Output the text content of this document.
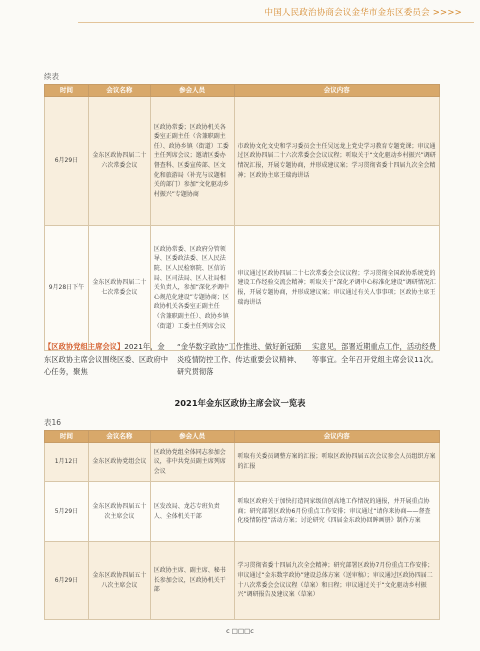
中国人民政治协商会议金华市金东区委员会 >>>>
续表
时间	会议名称	参会人员	会议内容
6月29日	金东区政协四届二十六次常委会议	区政协常委；区政协机关各委室正副主任（含兼职副主任）、政协乡镇（街道）工委主任列席会议；邀请区委办督查科、区委宣传部、区文化和旅游局（补充与议题相关的部门）参加“文化驱动乡村振兴”专题协商	市政协文化文史和学习委员会主任吴远龙上党史学习教育专题党课；审议通过区政协四届二十六次常委会会议议程；听取关于“文化驱动乡村振兴”调研情况汇报，开展专题协商，并形成建议案；学习贯彻省委十四届九次全会精神；区政协主席王瑞海讲话
9月28日下午	金东区政协四届二十七次常委会议	区政协常委、区政府分管领导、区委政法委、区人民法院、区人民检察院、区信访局、区司法局、区人社局相关负责人，参加“深化矛调中心规范化建设”专题协商；区政协机关各委室正副主任（含兼职副主任）、政协乡镇（街道）工委主任列席会议	审议通过区政协四届二十七次常委会会议议程；学习贯彻全国政协系统党的建设工作经验交流会精神；听取关于“深化矛调中心标准化建设”调研情况汇报，开展专题协商，并形成建议案；审议通过有关人事事项；区政协主席王瑞海讲话
【区政协党组主席会议】2021年，金东区政协主席会议围绕区委、区政府中心任务，聚焦
“金华数字政协”工作推进、做好新冠肺炎疫情防控工作、传达重要会议精神、研究贯彻落
实意见，部署近期重点工作，活动经费等事宜。全年召开党组主席会议11次。
2021年金东区政协主席会议一览表
表16
时间	会议名称	参会人员	会议内容
1月12日	金东区政协党组会议	区政协党组全体同志参加会议，非中共党员副主席列席会议	听取有关委员调整方案的汇报；听取区政协四届五次会议参会人员组织方案的汇报
5月29日	金东区政协四届五十次主席会议	区发改局、龙芯专班负责人、全体机关干部	听取区政府关于加快打造同家级信创高地工作情况的通报，并开展重点协商；研究部署区政协6月份重点工作安排；审议通过“请你来协商——督查化疫情防控”活动方案；讨论研究《四届金东政协回眸画册》制作方案
6月29日	金东区政协四届五十八次主席会议	区政协主席、副主席、秘书长参加会议，区政协机关干部	学习贯彻省委十四届九次全会精神；研究部署区政协7月份重点工作安排；审议通过“金东数字政协”建设总体方案（送审稿）；审议通过区政协四届二十八次常委会会议议程（草案）和日程；审议通过关于“文化驱动乡村振兴”调研报告及建议案（草案）
c □□□c
